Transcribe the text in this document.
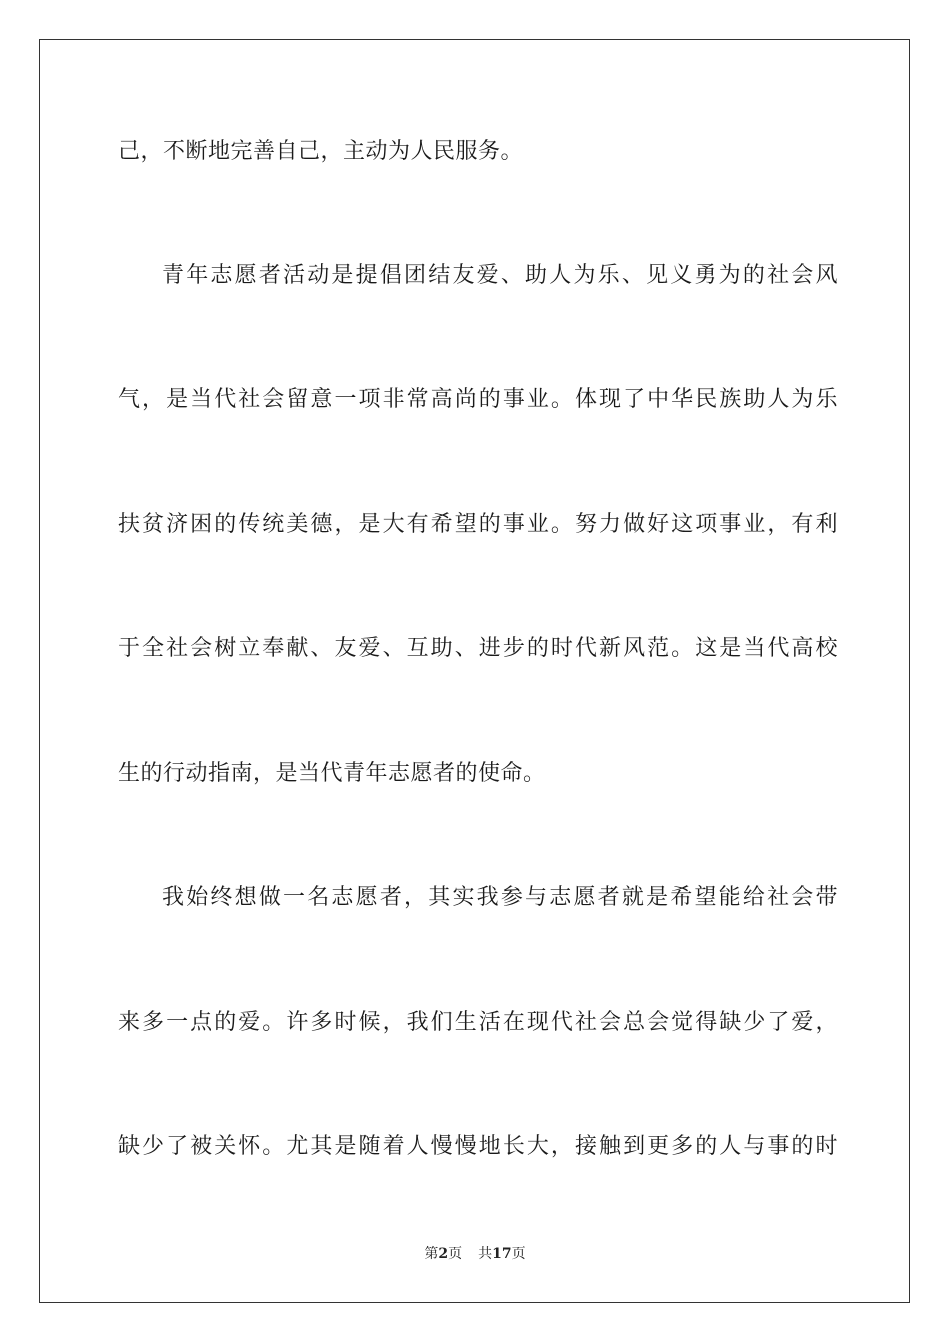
己，不断地完善自己，主动为人民服务。
青年志愿者活动是提倡团结友爱、助人为乐、见义勇为的社会风
气，是当代社会留意一项非常高尚的事业。体现了中华民族助人为乐
扶贫济困的传统美德，是大有希望的事业。努力做好这项事业，有利
于全社会树立奉献、友爱、互助、进步的时代新风范。这是当代高校
生的行动指南，是当代青年志愿者的使命。
我始终想做一名志愿者，其实我参与志愿者就是希望能给社会带
来多一点的爱。许多时候，我们生活在现代社会总会觉得缺少了爱，
缺少了被关怀。尤其是随着人慢慢地长大，接触到更多的人与事的时
第2页 共17页
